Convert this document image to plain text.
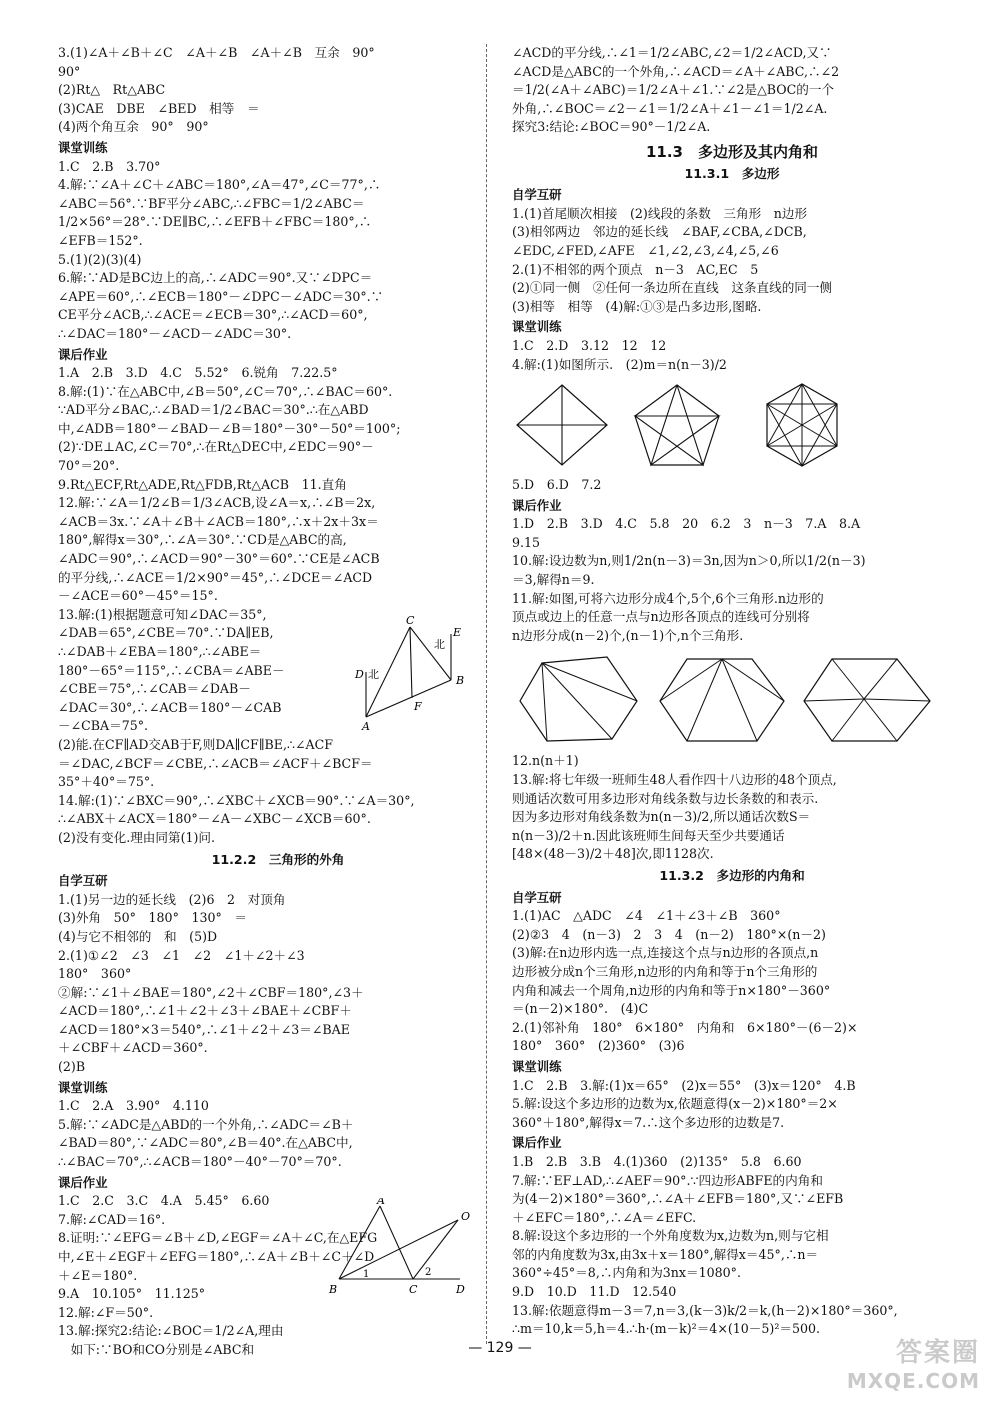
3.(1)∠A＋∠B＋∠C　∠A＋∠B　∠A＋∠B　互余　90°
90°
(2)Rt△　Rt△ABC
(3)CAE　DBE　∠BED　相等　＝
(4)两个角互余　90°　90°
课堂训练
1.C　2.B　3.70°
4.解:∵∠A＋∠C＋∠ABC＝180°,∠A＝47°,∠C＝77°,∴
∠ABC＝56°.∵BF平分∠ABC,∴∠FBC＝1/2∠ABC＝
1/2×56°＝28°.∵DE∥BC,∴∠EFB＋∠FBC＝180°,∴
∠EFB＝152°.
5.(1)(2)(3)(4)
6.解:∵AD是BC边上的高,∴∠ADC＝90°.又∵∠DPC＝
∠APE＝60°,∴∠ECB＝180°－∠DPC－∠ADC＝30°.∵
CE平分∠ACB,∴∠ACE＝∠ECB＝30°,∴∠ACD＝60°,
∴∠DAC＝180°－∠ACD－∠ADC＝30°.
课后作业
1.A　2.B　3.D　4.C　5.52°　6.锐角　7.22.5°
8.解:(1)∵在△ABC中,∠B＝50°,∠C＝70°,∴∠BAC＝60°.
∵AD平分∠BAC,∴∠BAD＝1/2∠BAC＝30°.∴在△ABD
中,∠ADB＝180°－∠BAD－∠B＝180°－30°－50°＝100°;
(2)∵DE⊥AC,∠C＝70°,∴在Rt△DEC中,∠EDC＝90°－
70°＝20°.
9.Rt△ECF,Rt△ADE,Rt△FDB,Rt△ACB　11.直角
12.解:∵∠A＝1/2∠B＝1/3∠ACB,设∠A＝x,∴∠B＝2x,
∠ACB＝3x.∵∠A＋∠B＋∠ACB＝180°,∴x＋2x＋3x＝
180°,解得x＝30°,∴∠A＝30°.∵CD是△ABC的高,
∠ADC＝90°,∴∠ACD＝90°－30°＝60°.∵CE是∠ACB
的平分线,∴∠ACE＝1/2×90°＝45°,∴∠DCE＝∠ACD
－∠ACE＝60°－45°＝15°.
13.解:(1)根据题意可知∠DAC＝35°,
∠DAB＝65°,∠CBE＝70°.∵DA∥EB,
∴∠DAB＋∠EBA＝180°,∴∠ABE＝
180°－65°＝115°,∴∠CBA＝∠ABE－
∠CBE＝75°,∴∠CAB＝∠DAB－
∠DAC＝30°,∴∠ACB＝180°－∠CAB
－∠CBA＝75°.
(2)能.在CF∥AD交AB于F,则DA∥CF∥BE,∴∠ACF
＝∠DAC,∠BCF＝∠CBE,∴∠ACB＝∠ACF＋∠BCF＝
35°＋40°＝75°.
14.解:(1)∵∠BXC＝90°,∴∠XBC＋∠XCB＝90°.∵∠A＝30°,
∴∠ABX＋∠ACX＝180°－∠A－∠XBC－∠XCB＝60°.
(2)没有变化.理由同第(1)问.
11.2.2　三角形的外角
自学互研
1.(1)另一边的延长线　(2)6　2　对顶角
(3)外角　50°　180°　130°　＝
(4)与它不相邻的　和　(5)D
2.(1)①∠2　∠3　∠1　∠2　∠1＋∠2＋∠3
180°　360°
②解:∵∠1＋∠BAE＝180°,∠2＋∠CBF＝180°,∠3＋
∠ACD＝180°,∴∠1＋∠2＋∠3＋∠BAE＋∠CBF＋
∠ACD＝180°×3＝540°,∴∠1＋∠2＋∠3＝∠BAE
＋∠CBF＋∠ACD＝360°.
(2)B
课堂训练
1.C　2.A　3.90°　4.110
5.解:∵∠ADC是△ABD的一个外角,∴∠ADC＝∠B＋
∠BAD＝80°,∵∠ADC＝80°,∠B＝40°.在△ABC中,
∴∠BAC＝70°,∴∠ACB＝180°－40°－70°＝70°.
课后作业
1.C　2.C　3.C　4.A　5.45°　6.60
7.解:∠CAD＝16°.
8.证明:∵∠EFG＝∠B＋∠D,∠EGF＝∠A＋∠C,在△EFG
中,∠E＋∠EGF＋∠EFG＝180°,∴∠A＋∠B＋∠C＋∠D
＋∠E＝180°.
9.A　10.105°　11.125°
12.解:∠F＝50°.
13.解:探究2:结论:∠BOC＝1/2∠A,理由
　如下:∵BO和CO分别是∠ABC和
∠ACD的平分线,∴∠1＝1/2∠ABC,∠2＝1/2∠ACD,又∵
∠ACD是△ABC的一个外角,∴∠ACD＝∠A＋∠ABC,∴∠2
＝1/2(∠A＋∠ABC)＝1/2∠A＋∠1.∵∠2是△BOC的一个
外角,∴∠BOC＝∠2－∠1＝1/2∠A＋∠1－∠1＝1/2∠A.
探究3:结论:∠BOC＝90°－1/2∠A.
11.3　多边形及其内角和
11.3.1　多边形
自学互研
1.(1)首尾顺次相接　(2)线段的条数　三角形　n边形
(3)相邻两边　邻边的延长线　∠BAF,∠CBA,∠DCB,
∠EDC,∠FED,∠AFE　∠1,∠2,∠3,∠4,∠5,∠6
2.(1)不相邻的两个顶点　n－3　AC,EC　5
(2)①同一侧　②任何一条边所在直线　这条直线的同一侧
(3)相等　相等　(4)解:①③是凸多边形,图略.
课堂训练
1.C　2.D　3.12　12　12
4.解:(1)如图所示.　(2)m＝n(n－3)/2
5.D　6.D　7.2
课后作业
1.D　2.B　3.D　4.C　5.8　20　6.2　3　n－3　7.A　8.A
9.15
10.解:设边数为n,则1/2n(n－3)＝3n,因为n＞0,所以1/2(n－3)
＝3,解得n＝9.
11.解:如图,可将六边形分成4个,5个,6个三角形.n边形的
顶点或边上的任意一点与n边形各顶点的连线可分别将
n边形分成(n－2)个,(n－1)个,n个三角形.
12.n(n＋1)
13.解:将七年级一班师生48人看作四十八边形的48个顶点,
则通话次数可用多边形对角线条数与边长条数的和表示.
因为多边形对角线条数为n(n－3)/2,所以通话次数S＝
n(n－3)/2＋n.因此该班师生间每天至少共要通话
[48×(48－3)/2＋48]次,即1128次.
11.3.2　多边形的内角和
自学互研
1.(1)AC　△ADC　∠4　∠1＋∠3＋∠B　360°
(2)②3　4　(n－3)　2　3　4　(n－2)　180°×(n－2)
(3)解:在n边形内选一点,连接这个点与n边形的各顶点,n
边形被分成n个三角形,n边形的内角和等于n个三角形的
内角和减去一个周角,n边形的内角和等于n×180°－360°
＝(n－2)×180°.　(4)C
2.(1)邻补角　180°　6×180°　内角和　6×180°－(6－2)×
180°　360°　(2)360°　(3)6
课堂训练
1.C　2.B　3.解:(1)x＝65°　(2)x＝55°　(3)x＝120°　4.B
5.解:设这个多边形的边数为x,依题意得(x－2)×180°＝2×
360°＋180°,解得x＝7.∴这个多边形的边数是7.
课后作业
1.B　2.B　3.B　4.(1)360　(2)135°　5.8　6.60
7.解:∵EF⊥AD,∴∠AEF＝90°.∵四边形ABFE的内角和
为(4－2)×180°＝360°,∴∠A＋∠EFB＝180°,又∵∠EFB
＋∠EFC＝180°,∴∠A＝∠EFC.
8.解:设这个多边形的一个外角度数为x,边数为n,则与它相
邻的内角度数为3x,由3x＋x＝180°,解得x＝45°,∴n＝
360°÷45°＝8,∴内角和为3nx＝1080°.
9.D　10.D　11.D　12.540
13.解:依题意得m－3＝7,n＝3,(k－3)k/2＝k,(h－2)×180°＝360°,
∴m＝10,k＝5,h＝4.∴h·(m－k)²＝4×(10－5)²＝500.
C
北
E
D 北	B
F
A
A
O
1	2
B	C	D
— 129 —	答案圈
MXQE.COM
